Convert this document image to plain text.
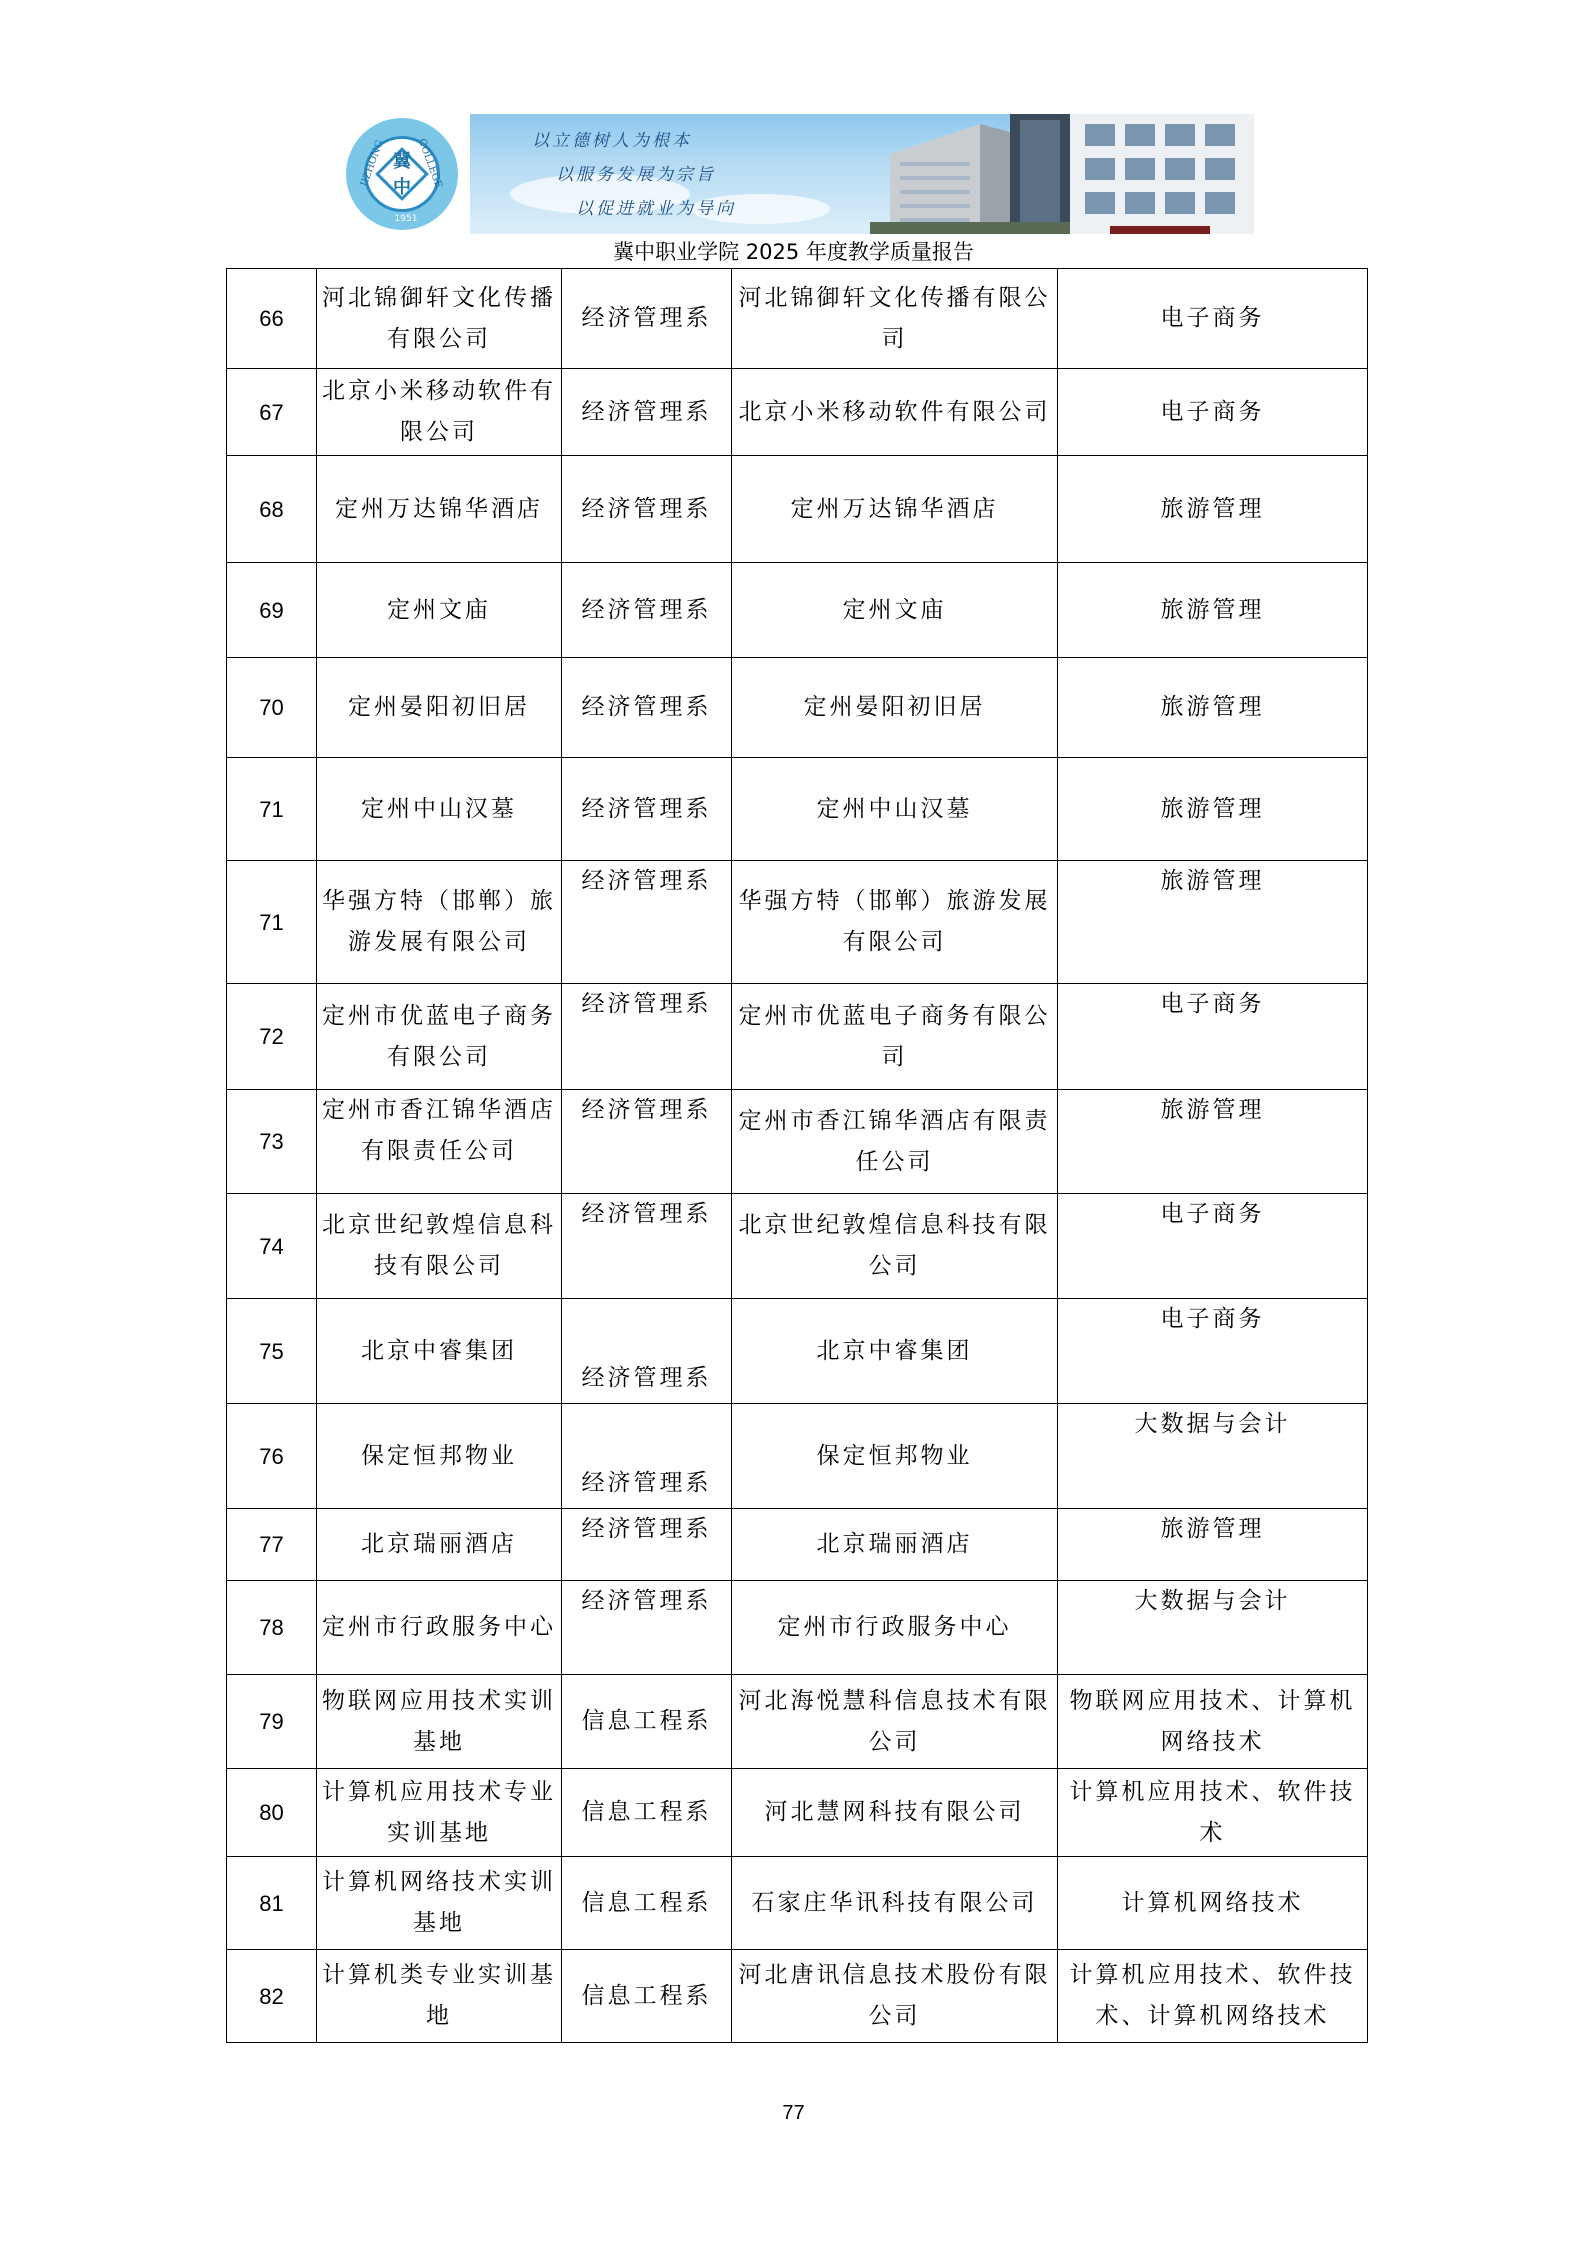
冀
中
JIZHONG	COLLEGE
1951
以立德树人为根本
以服务发展为宗旨
以促进就业为导向
冀中职业学院 2025 年度教学质量报告
66	河北锦御轩文化传播有限公司	经济管理系	河北锦御轩文化传播有限公司	电子商务
67	北京小米移动软件有限公司	经济管理系	北京小米移动软件有限公司	电子商务
68	定州万达锦华酒店	经济管理系	定州万达锦华酒店	旅游管理
69	定州文庙	经济管理系	定州文庙	旅游管理
70	定州晏阳初旧居	经济管理系	定州晏阳初旧居	旅游管理
71	定州中山汉墓	经济管理系	定州中山汉墓	旅游管理
71	华强方特（邯郸）旅游发展有限公司	经济管理系	华强方特（邯郸）旅游发展有限公司	旅游管理
72	定州市优蓝电子商务有限公司	经济管理系	定州市优蓝电子商务有限公司	电子商务
73	定州市香江锦华酒店有限责任公司	经济管理系	定州市香江锦华酒店有限责任公司	旅游管理
74	北京世纪敦煌信息科技有限公司	经济管理系	北京世纪敦煌信息科技有限公司	电子商务
75	北京中睿集团	经济管理系	北京中睿集团	电子商务
76	保定恒邦物业	经济管理系	保定恒邦物业	大数据与会计
77	北京瑞丽酒店	经济管理系	北京瑞丽酒店	旅游管理
78	定州市行政服务中心	经济管理系	定州市行政服务中心	大数据与会计
79	物联网应用技术实训基地	信息工程系	河北海悦慧科信息技术有限公司	物联网应用技术、计算机网络技术
80	计算机应用技术专业实训基地	信息工程系	河北慧网科技有限公司	计算机应用技术、软件技术
81	计算机网络技术实训基地	信息工程系	石家庄华讯科技有限公司	计算机网络技术
82	计算机类专业实训基地	信息工程系	河北唐讯信息技术股份有限公司	计算机应用技术、软件技术、计算机网络技术
77
